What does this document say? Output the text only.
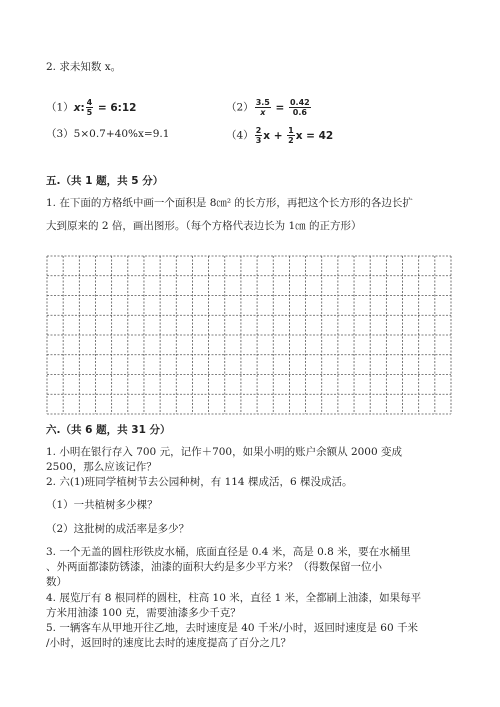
2. 求未知数 x。
（1）x: $\frac{4}{5}$ = 6:12	$(2) \frac{3.5}{x} = \frac{0.42}{0.6}$
（3）5×0.7+40%x=9.1	$(4) \frac{2}{3}$ $x + \frac{1}{2}$ x = 42
五.（共 1 题，共 5 分）
1. 在下面的方格纸中画一个面积是 8㎝² 的长方形，再把这个长方形的各边长扩
大到原来的 2 倍，画出图形。（每个方格代表边长为 1㎝ 的正方形）
六.（共 6 题，共 31 分）
1. 小明在银行存入 700 元，记作＋700，如果小明的账户余额从 2000 变成
2500，那么应该记作？
2. 六(1)班同学植树节去公园种树，有 114 棵成活，6 棵没成活。
（1）一共植树多少棵？
（2）这批树的成活率是多少？
3. 一个无盖的圆柱形铁皮水桶，底面直径是 0.4 米，高是 0.8 米，要在水桶里
、外两面都漆防锈漆，油漆的面积大约是多少平方米？（得数保留一位小
数）
4. 展览厅有 8 根同样的圆柱，柱高 10 米，直径 1 米，全都刷上油漆，如果每平
方米用油漆 100 克，需要油漆多少千克？
5. 一辆客车从甲地开往乙地，去时速度是 40 千米/小时，返回时速度是 60 千米
/小时，返回时的速度比去时的速度提高了百分之几？
